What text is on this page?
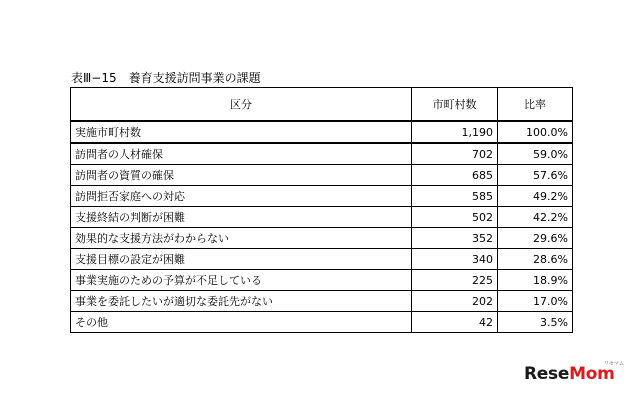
表Ⅲ−15　養育支援訪問事業の課題
区分	市町村数	比率
実施市町村数	1,190	100.0%
訪問者の人材確保	702	59.0%
訪問者の資質の確保	685	57.6%
訪問拒否家庭への対応	585	49.2%
支援終結の判断が困難	502	42.2%
効果的な支援方法がわからない	352	29.6%
支援目標の設定が困難	340	28.6%
事業実施のための予算が不足している	225	18.9%
事業を委託したいが適切な委託先がない	202	17.0%
その他	42	3.5%
リセマム
ReseMom
